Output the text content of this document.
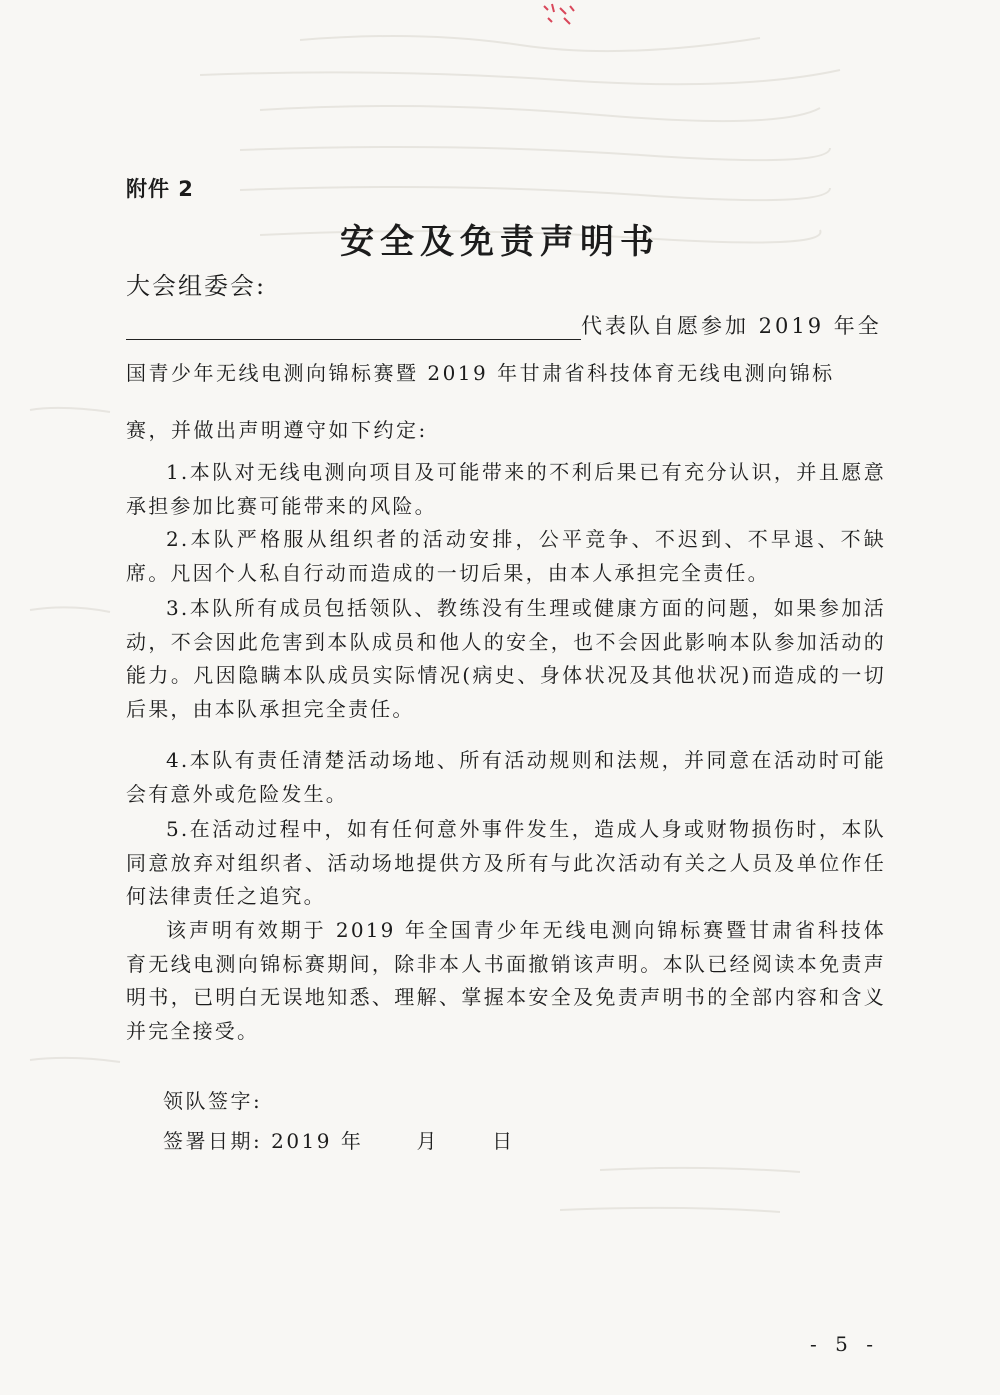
附件 2
安全及免责声明书
大会组委会:
代表队自愿参加 2019 年全
国青少年无线电测向锦标赛暨 2019 年甘肃省科技体育无线电测向锦标
赛，并做出声明遵守如下约定:

1.本队对无线电测向项目及可能带来的不利后果已有充分认识，并且愿意承担参加比赛可能带来的风险。

2.本队严格服从组织者的活动安排，公平竞争、不迟到、不早退、不缺席。凡因个人私自行动而造成的一切后果，由本人承担完全责任。

3.本队所有成员包括领队、教练没有生理或健康方面的问题，如果参加活动，不会因此危害到本队成员和他人的安全，也不会因此影响本队参加活动的能力。凡因隐瞒本队成员实际情况(病史、身体状况及其他状况)而造成的一切后果，由本队承担完全责任。

4.本队有责任清楚活动场地、所有活动规则和法规，并同意在活动时可能会有意外或危险发生。

5.在活动过程中，如有任何意外事件发生，造成人身或财物损伤时，本队同意放弃对组织者、活动场地提供方及所有与此次活动有关之人员及单位作任何法律责任之追究。

该声明有效期于 2019 年全国青少年无线电测向锦标赛暨甘肃省科技体育无线电测向锦标赛期间，除非本人书面撤销该声明。本队已经阅读本免责声明书，已明白无误地知悉、理解、掌握本安全及免责声明书的全部内容和含义并完全接受。

领队签字:
签署日期: 2019 年      月      日
- 5 -
